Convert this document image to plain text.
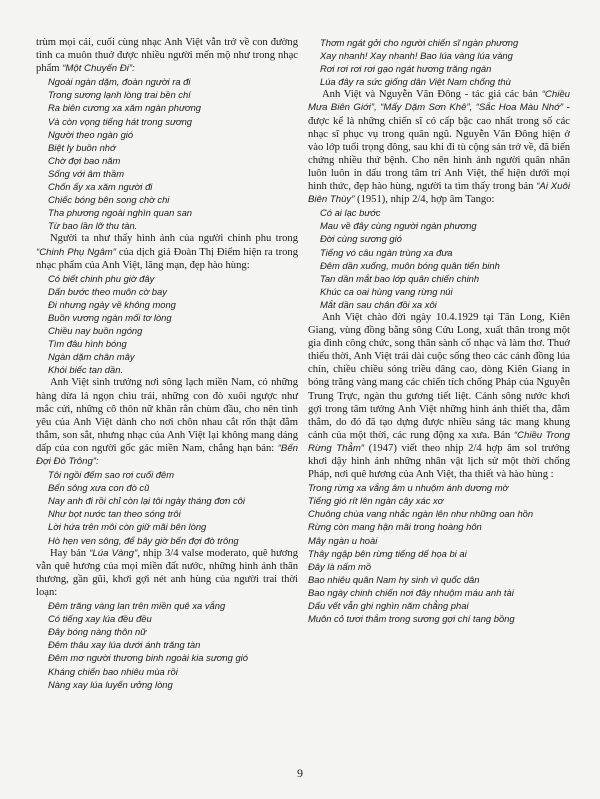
trùm mọi cái, cuối cùng nhạc Anh Việt vẫn trở về con đường tình ca muôn thuở được nhiều người mến mộ như trong nhạc phẩm “Một Chuyến Đi”:

Ngoài ngàn dặm, đoàn người ra đi
Trong sương lạnh lòng trai bền chí
Ra biên cương xa xăm ngàn phương
Và còn vọng tiếng hát trong sương
Người theo ngàn gió
Biệt ly buồn nhớ
Chờ đợi bao năm
Sống với âm thầm
Chốn ấy xa xăm người đi
Chiếc bóng bên song chờ chi
Tha phương ngoài nghìn quan san
Từ bao lần lỡ thu tàn.

Người ta như thấy hình ảnh của người chinh phu trong “Chinh Phụ Ngâm” của dịch giả Đoàn Thị Điểm hiện ra trong nhạc phẩm của Anh Việt, lãng mạn, đẹp hào hùng:

Có biết chinh phu giờ đây
Dấn bước theo muôn cờ bay
Đi nhưng ngày về không mong
Buồn vương ngàn mối tơ lòng
Chiều nay buồn ngóng
Tìm đâu hình bóng
Ngàn dặm chân mây
Khói biếc tan dần.

Anh Việt sinh trưởng nơi sông lạch miền Nam, có những hàng dừa lả ngọn chìu trái, những con đò xuôi ngược như mắc cửi, những cô thôn nữ khăn rằn chùm đầu, cho nên tình yêu của Anh Việt dành cho nơi chôn nhau cắt rốn thật đằm thắm, son sắt, nhưng nhạc của Anh Việt lại không mang dáng dấp của con người gốc gác miền Nam, chẳng hạn bản: “Bến Đợi Đò Trông”:

Tôi ngồi đếm sao rơi cuối đêm
Bến sông xưa con đò cũ
Nay anh đi rồi chỉ còn lại tôi ngày tháng đơn côi
Như bọt nước tan theo sóng trôi
Lời hứa trên môi còn giữ mãi bên lòng
Hò hẹn ven sông, để bây giờ bến đợi đò trông

Hay bản “Lúa Vàng”, nhịp 3/4 valse moderato, quê hương vẫn quê hương của mọi miền đất nước, những hình ảnh thân thương, gần gũi, khơi gợi nét anh hùng của người trai thời loạn:

Đêm trăng vàng lan trên miền quê xa vắng
Có tiếng xay lúa đều đều
Đây bóng nàng thôn nữ
Đêm thâu xay lúa dưới ánh trăng tàn
Đêm mơ người thương binh ngoài kia sương gió
Kháng chiến bao nhiêu mùa rồi
Nàng xay lúa luyến ưởng lòng
Thơm ngát gởi cho người chiến sĩ ngàn phương
Xay nhanh! Xay nhanh! Bao lúa vàng lúa vàng
Rơi rơi rơi rơi gạo ngát hương trăng ngàn
Lúa đây ra sức giống dân Việt Nam chống thù

Anh Việt và Nguyễn Văn Đông - tác giả các bản “Chiều Mưa Biên Giới”, “Mấy Dặm Sơn Khê”, “Sắc Hoa Màu Nhớ” - được kể là những chiến sĩ có cấp bậc cao nhất trong số các nhạc sĩ phục vụ trong quân ngũ. Nguyễn Văn Đông hiện ở vào lớp tuổi trọng đông, sau khi đi tù cộng sản trở về, đã biến chứng nhiều thứ bệnh. Cho nên hình ảnh người quân nhân luôn luôn in dấu trong tâm trí Anh Việt, thể hiện dưới mọi hình thức, đẹp hào hùng, người ta tìm thấy trong bản “Ai Xuôi Biên Thùy” (1951), nhịp 2/4, hợp âm Tango:

Có ai lạc bước
Mau về đây cùng người ngàn phương
Đời cùng sương gió
Tiếng vó câu ngàn trùng xa đưa
Đêm dần xuống, muôn bóng quân tiến binh
Tan dần mắt bao lớp quân chiến chinh
Khúc ca oai hùng vang rừng núi
Mắt dần sau chân đồi xa xôi

Anh Việt chào đời ngày 10.4.1929 tại Tân Long, Kiên Giang, vùng đồng bằng sông Cửu Long, xuất thân trong một gia đình công chức, song thân sành cổ nhạc và làm thơ. Thuở thiếu thời, Anh Việt trải dài cuộc sống theo các cánh đồng lúa chín, chiều chiều sóng triều dâng cao, dòng Kiên Giang in bóng trăng vàng mang các chiến tích chống Pháp của Nguyễn Trung Trực, ngàn thu gương tiết liệt. Cảnh sông nước khơi gợi trong tâm tưởng Anh Việt những hình ảnh thiết tha, đằm thắm, do đó đã tạo dựng được nhiều sáng tác mang khung cảnh của một thời, các rung động xa xưa. Bản “Chiều Trong Rừng Thẳm” (1947) viết theo nhịp 2/4 hợp âm sol trưởng khơi dậy hình ảnh những nhân vật lịch sử một thời chống Pháp, nơi quê hương của Anh Việt, tha thiết và hào hùng :

Trong rừng xa vắng âm u nhuộm ánh dương mờ
Tiếng gió rít lên ngàn cây xác xơ
Chuông chùa vang nhắc ngàn lên như những oan hồn
Rừng còn mang hận mãi trong hoàng hôn
Mây ngàn u hoài
Thây ngập bên rừng tiếng dế họa bi ai
Đây là nấm mồ
Bao nhiêu quân Nam hy sinh vì quốc dân
Bao ngày chinh chiến nơi đây nhuộm máu anh tài
Dấu vết vẫn ghi nghìn năm chẳng phai
Muôn cỏ tươi thắm trong sương gợi chí tang bồng
9
